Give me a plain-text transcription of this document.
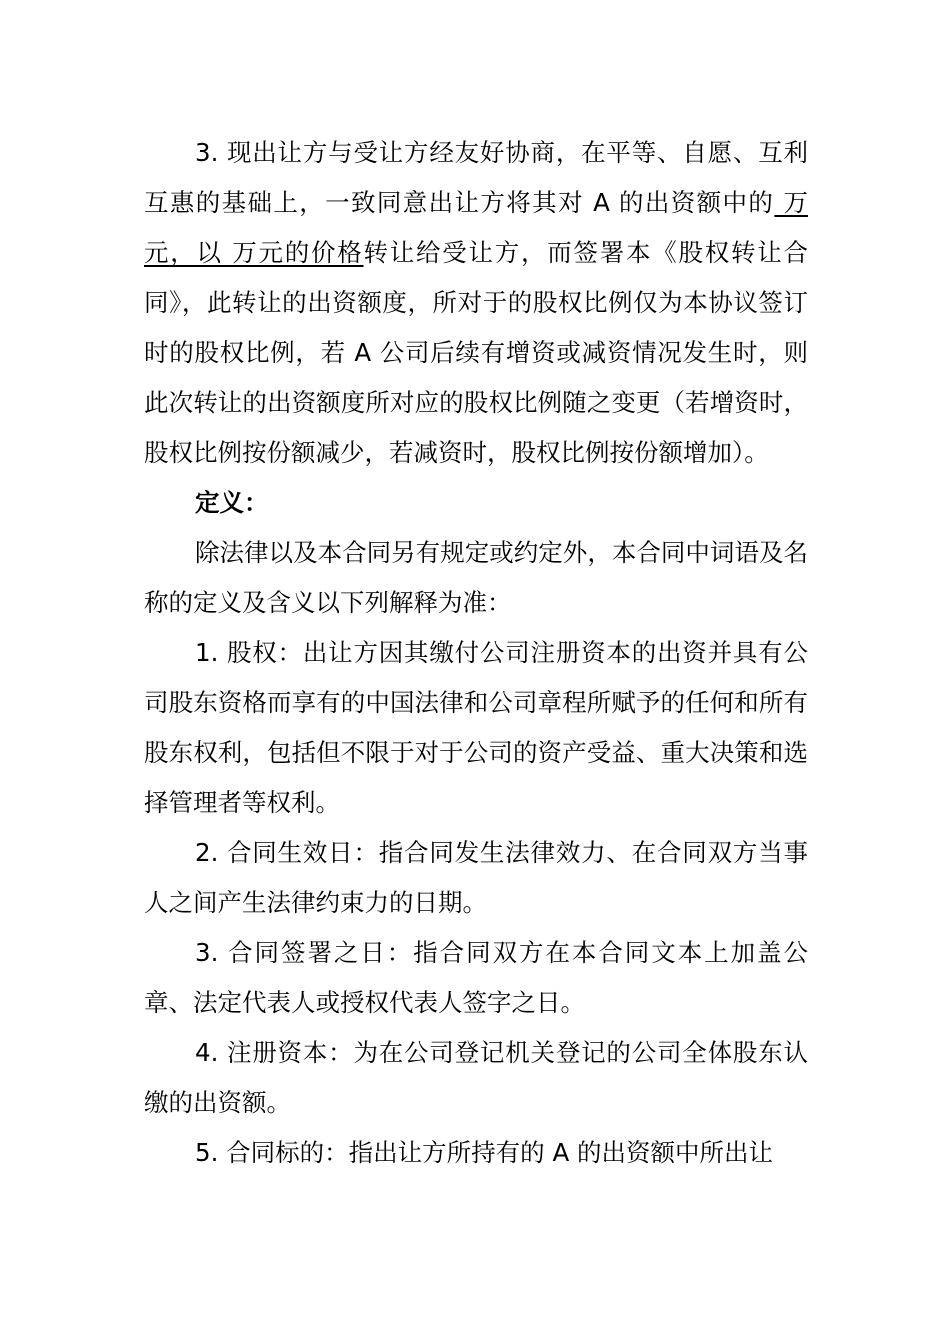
3. 现出让方与受让方经友好协商，在平等、自愿、互利互惠的基础上，一致同意出让方将其对 A 的出资额中的 万元，以 万元的价格转让给受让方，而签署本《股权转让合同》，此转让的出资额度，所对于的股权比例仅为本协议签订时的股权比例，若 A 公司后续有增资或减资情况发生时，则此次转让的出资额度所对应的股权比例随之变更（若增资时，股权比例按份额减少，若减资时，股权比例按份额增加）。

定义：

除法律以及本合同另有规定或约定外，本合同中词语及名称的定义及含义以下列解释为准：

1. 股权：出让方因其缴付公司注册资本的出资并具有公司股东资格而享有的中国法律和公司章程所赋予的任何和所有股东权利，包括但不限于对于公司的资产受益、重大决策和选择管理者等权利。

2. 合同生效日：指合同发生法律效力、在合同双方当事人之间产生法律约束力的日期。

3. 合同签署之日：指合同双方在本合同文本上加盖公章、法定代表人或授权代表人签字之日。

4. 注册资本：为在公司登记机关登记的公司全体股东认缴的出资额。

5. 合同标的：指出让方所持有的 A 的出资额中所出让
